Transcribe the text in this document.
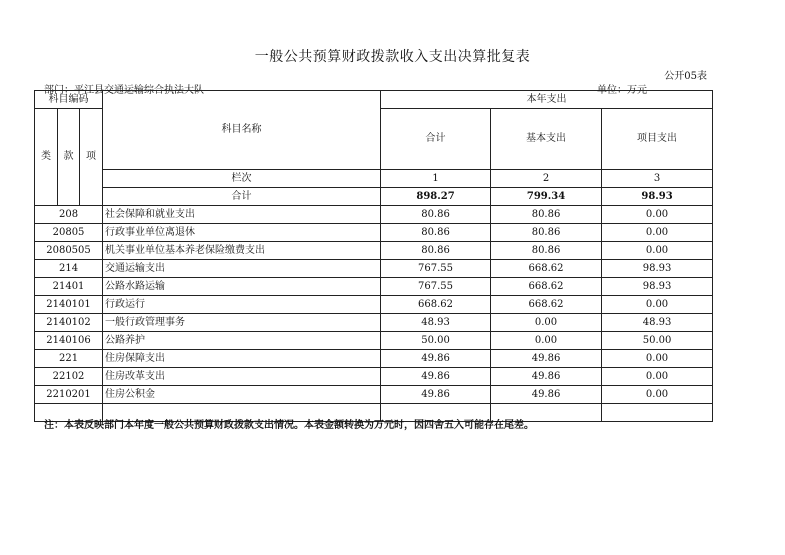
一般公共预算财政拨款收入支出决算批复表
公开05表
部门：平江县交通运输综合执法大队	单位：万元
科目编码			科目名称	本年支出		
				合计	基本支出	项目支出
类	款	项				
			栏次	1	2	3
			合计	898.27	799.34	98.93
208			社会保障和就业支出	80.86	80.86	0.00
20805			行政事业单位离退休	80.86	80.86	0.00
2080505			机关事业单位基本养老保险缴费支出	80.86	80.86	0.00
214			交通运输支出	767.55	668.62	98.93
21401			公路水路运输	767.55	668.62	98.93
2140101			行政运行	668.62	668.62	0.00
2140102			一般行政管理事务	48.93	0.00	48.93
2140106			公路养护	50.00	0.00	50.00
221			住房保障支出	49.86	49.86	0.00
22102			住房改革支出	49.86	49.86	0.00
2210201			住房公积金	49.86	49.86	0.00

注：本表反映部门本年度一般公共预算财政拨款支出情况。本表金额转换为万元时，因四舍五入可能存在尾差。
